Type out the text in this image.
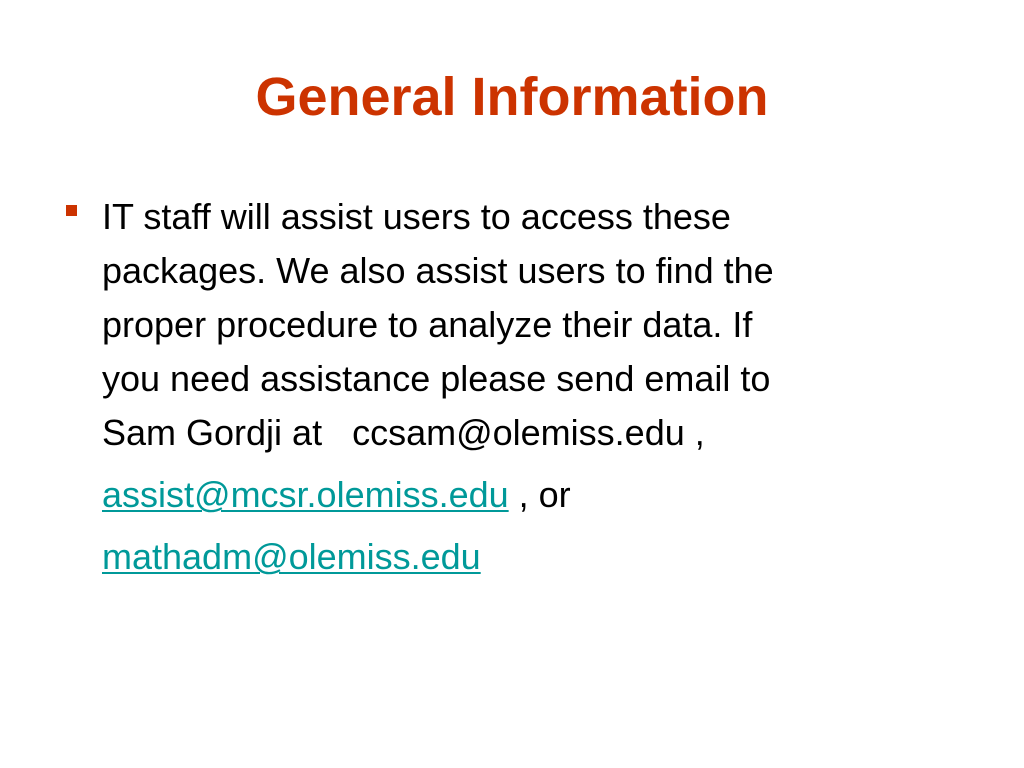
General Information
IT staff will assist users to access these
packages. We also assist users to find the
proper procedure to analyze their data. If
you need assistance please send email to
Sam Gordji at   ccsam@olemiss.edu ,
assist@mcsr.olemiss.edu , or
mathadm@olemiss.edu
